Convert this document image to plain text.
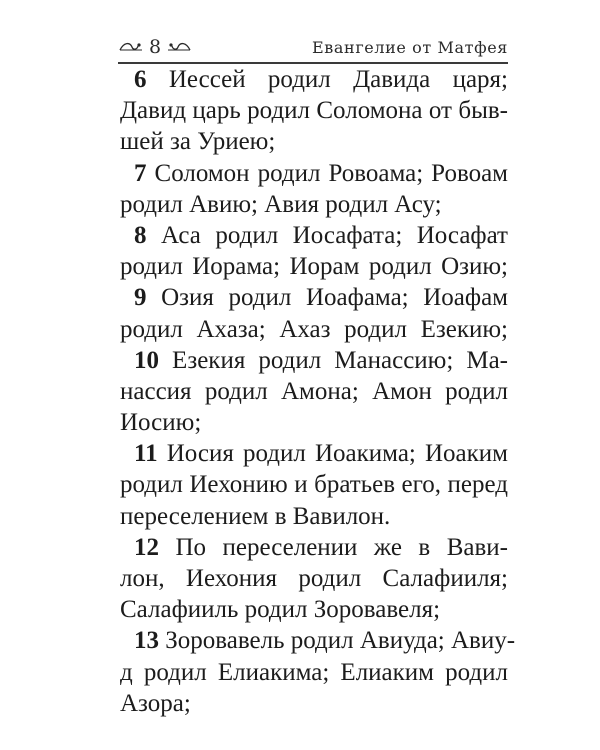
8	Евангелие от Матфея
6 Иессей родил Давида царя;
Давид царь родил Соломона от быв-
шей за Уриею;
7 Соломон родил Ровоама; Ровоам
родил Авию; Авия родил Асу;
8 Аса родил Иосафата; Иосафат
родил Иорама; Иорам родил Озию;
9 Озия родил Иоафама; Иоафам
родил Ахаза; Ахаз родил Езекию;
10 Езекия родил Манассию; Ма-
нассия родил Амона; Амон родил
Иосию;
11 Иосия родил Иоакима; Иоаким
родил Иехонию и братьев его, перед
переселением в Вавилон.
12 По переселении же в Вави-
лон, Иехония родил Салафииля;
Салафииль родил Зоровавеля;
13 Зоровавель родил Авиуда; Авиу-
д родил Елиакима; Елиаким родил
Азора;
